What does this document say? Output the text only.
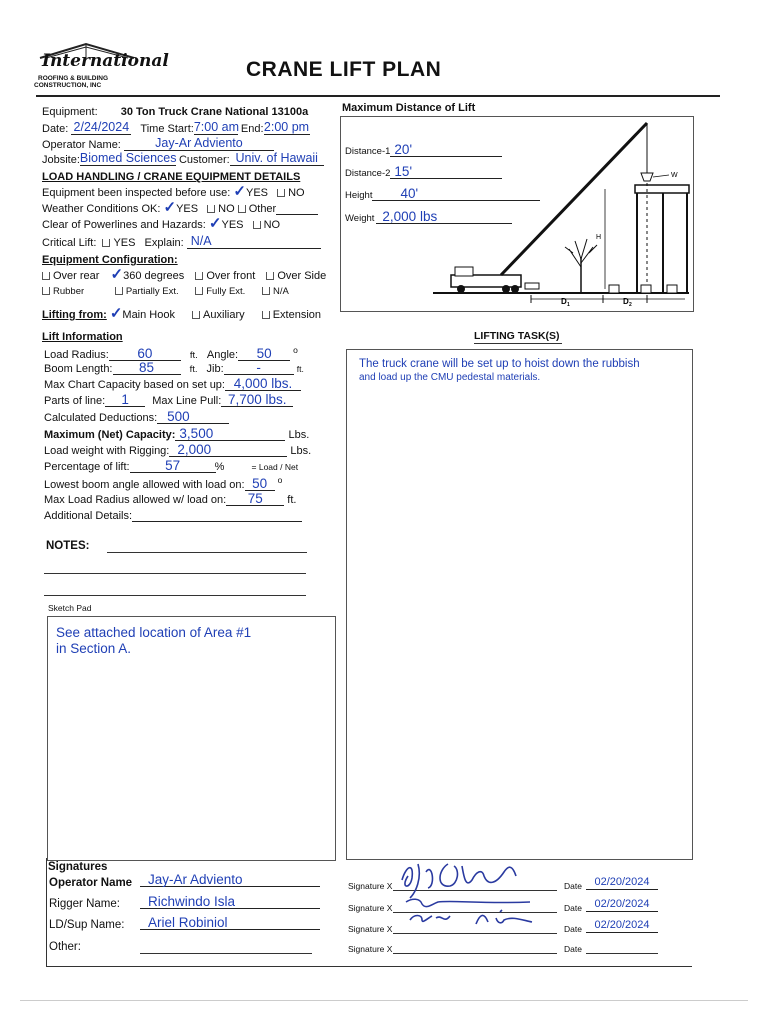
International
ROOFING & BUILDING
CONSTRUCTION, INC
CRANE LIFT PLAN
Equipment: 30 Ton Truck Crane National 13100a
Date: 2/24/2024 Time Start:7:00 am End:2:00 pm
Operator Name:	Jay-Ar Adviento
Jobsite:Biomed Sciences Customer: Univ. of Hawaii
LOAD HANDLING / CRANE EQUIPMENT DETAILS
Equipment been inspected before use: ✓YES NO
Weather Conditions OK: ✓YES NO Other
Clear of Powerlines and Hazards: ✓YES NO
Critical Lift: YES Explain: N/A
Equipment Configuration:
Over rear ✓360 degrees Over front Over Side
Rubber	Partially Ext.	Fully Ext.	N/A
Lifting from: ✓Main Hook	Auxiliary	Extension
Lift Information
Load Radius: 60	ft. Angle: 50	$^o$
Boom Length: 85	ft. Jib: -	ft.
Max Chart Capacity based on set up: 4,000 lbs.
Parts of line: 1 Max Line Pull: 7,700 lbs.
Calculated Deductions: 500
Maximum (Net) Capacity: 3,500	Lbs.
Load weight with Rigging: 2,000	Lbs.
Percentage of lift:	57	%	= Load / Net
Lowest boom angle allowed with load on: 50 $^o$
Max Load Radius allowed w/ load on: 75 ft.
Additional Details:
NOTES:
Sketch Pad
See attached location of Area #1
in Section A.
Maximum Distance of Lift
Distance-1 20'
Distance-2 15'
Height 40'
Weight 2,000 lbs
W
H
D 1	D 2
LIFTING TASK(S)
The truck crane will be set up to hoist down the rubbish
and load up the CMU pedestal materials.
Signatures
Operator Name	Jay-Ar Adviento
Rigger Name:	Richwindo Isla
LD/Sup Name:	Ariel Robiniol
Other:
Signature X	Date	02/20/2024
Signature X	Date	02/20/2024
Signature X	Date	02/20/2024
Signature X	Date
